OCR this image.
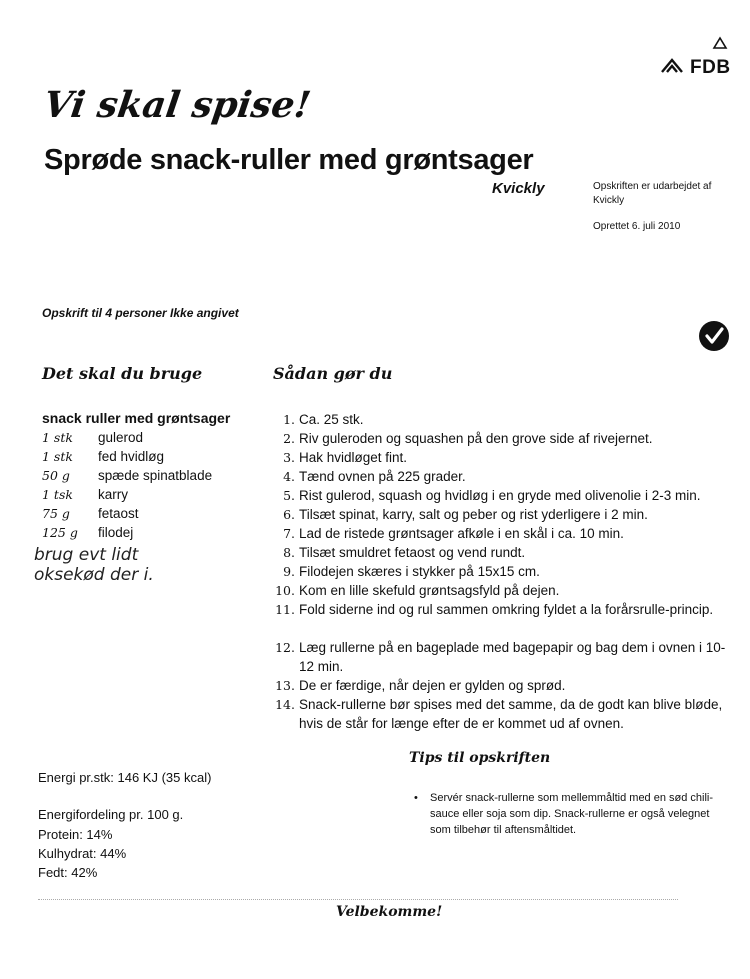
FDB
Vi skal spise!
Sprøde snack-ruller med grøntsager
Kvickly	Opskriften er udarbejdet af Kvickly
Oprettet 6. juli 2010
Opskrift til 4 personer Ikke angivet
Det skal du bruge
snack ruller med grøntsager
1 stk	gulerod
1 stk	fed hvidløg
50 g	spæde spinatblade
1 tsk	karry
75 g	fetaost
125 g	filodej
brug evt lidt oksekød der i.
Sådan gør du
1. Ca. 25 stk.
2. Riv guleroden og squashen på den grove side af rivejernet.
3. Hak hvidløget fint.
4. Tænd ovnen på 225 grader.
5. Rist gulerod, squash og hvidløg i en gryde med olivenolie i 2-3 min.
6. Tilsæt spinat, karry, salt og peber og rist yderligere i 2 min.
7. Lad de ristede grøntsager afkøle i en skål i ca. 10 min.
8. Tilsæt smuldret fetaost og vend rundt.
9. Filodejen skæres i stykker på 15x15 cm.
10. Kom en lille skefuld grøntsagsfyld på dejen.
11. Fold siderne ind og rul sammen omkring fyldet a la forårsrulle-princip.
12. Læg rullerne på en bageplade med bagepapir og bag dem i ovnen i 10-12 min.
13. De er færdige, når dejen er gylden og sprød.
14. Snack-rullerne bør spises med det samme, da de godt kan blive bløde, hvis de står for længe efter de er kommet ud af ovnen.
Tips til opskriften
• Servér snack-rullerne som mellemmåltid med en sød chili-sauce eller soja som dip. Snack-rullerne er også velegnet som tilbehør til aftensmåltidet.
Energi pr.stk: 146 KJ (35 kcal)
Energifordeling pr. 100 g.
Protein: 14%
Kulhydrat: 44%
Fedt: 42%
Velbekomme!
